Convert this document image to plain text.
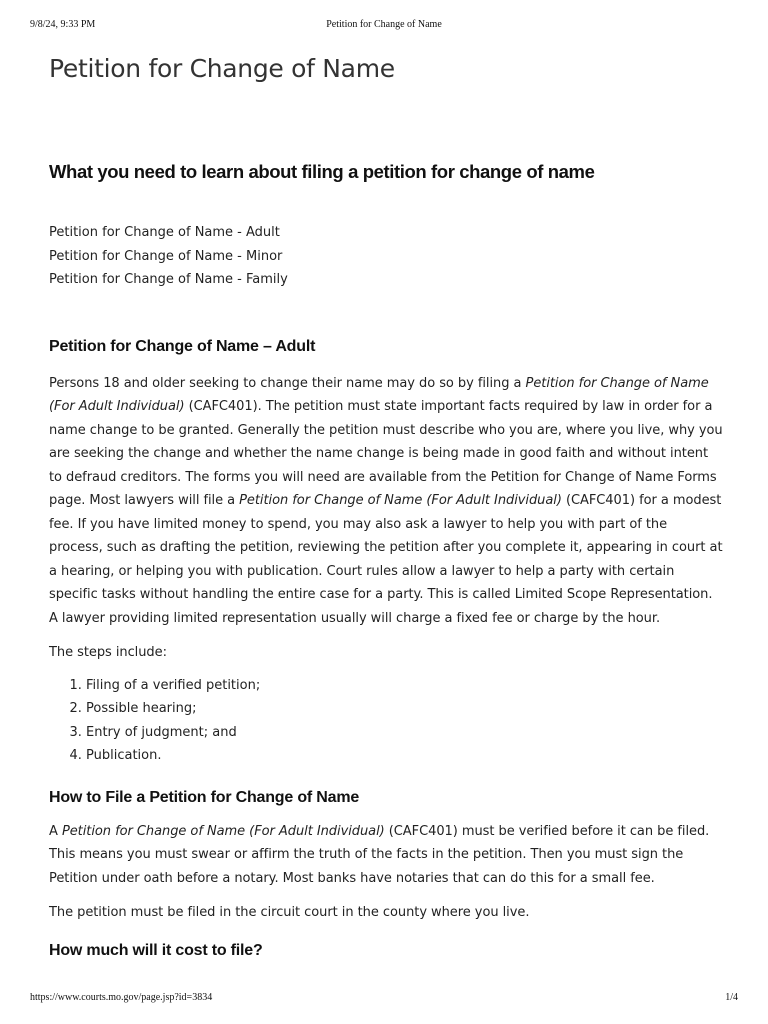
9/8/24, 9:33 PM	Petition for Change of Name
Petition for Change of Name
What you need to learn about filing a petition for change of name
Petition for Change of Name - Adult
Petition for Change of Name - Minor
Petition for Change of Name - Family
Petition for Change of Name – Adult

Persons 18 and older seeking to change their name may do so by filing a Petition for Change of Name (For Adult Individual) (CAFC401). The petition must state important facts required by law in order for a name change to be granted. Generally the petition must describe who you are, where you live, why you are seeking the change and whether the name change is being made in good faith and without intent to defraud creditors. The forms you will need are available from the Petition for Change of Name Forms page. Most lawyers will file a Petition for Change of Name (For Adult Individual) (CAFC401) for a modest fee. If you have limited money to spend, you may also ask a lawyer to help you with part of the process, such as drafting the petition, reviewing the petition after you complete it, appearing in court at a hearing, or helping you with publication. Court rules allow a lawyer to help a party with certain specific tasks without handling the entire case for a party. This is called Limited Scope Representation. A lawyer providing limited representation usually will charge a fixed fee or charge by the hour.

The steps include:

1. Filing of a verified petition;
2. Possible hearing;
3. Entry of judgment; and
4. Publication.
How to File a Petition for Change of Name

A Petition for Change of Name (For Adult Individual) (CAFC401) must be verified before it can be filed. This means you must swear or affirm the truth of the facts in the petition. Then you must sign the Petition under oath before a notary. Most banks have notaries that can do this for a small fee.

The petition must be filed in the circuit court in the county where you live.

How much will it cost to file?
https://www.courts.mo.gov/page.jsp?id=3834	1/4
